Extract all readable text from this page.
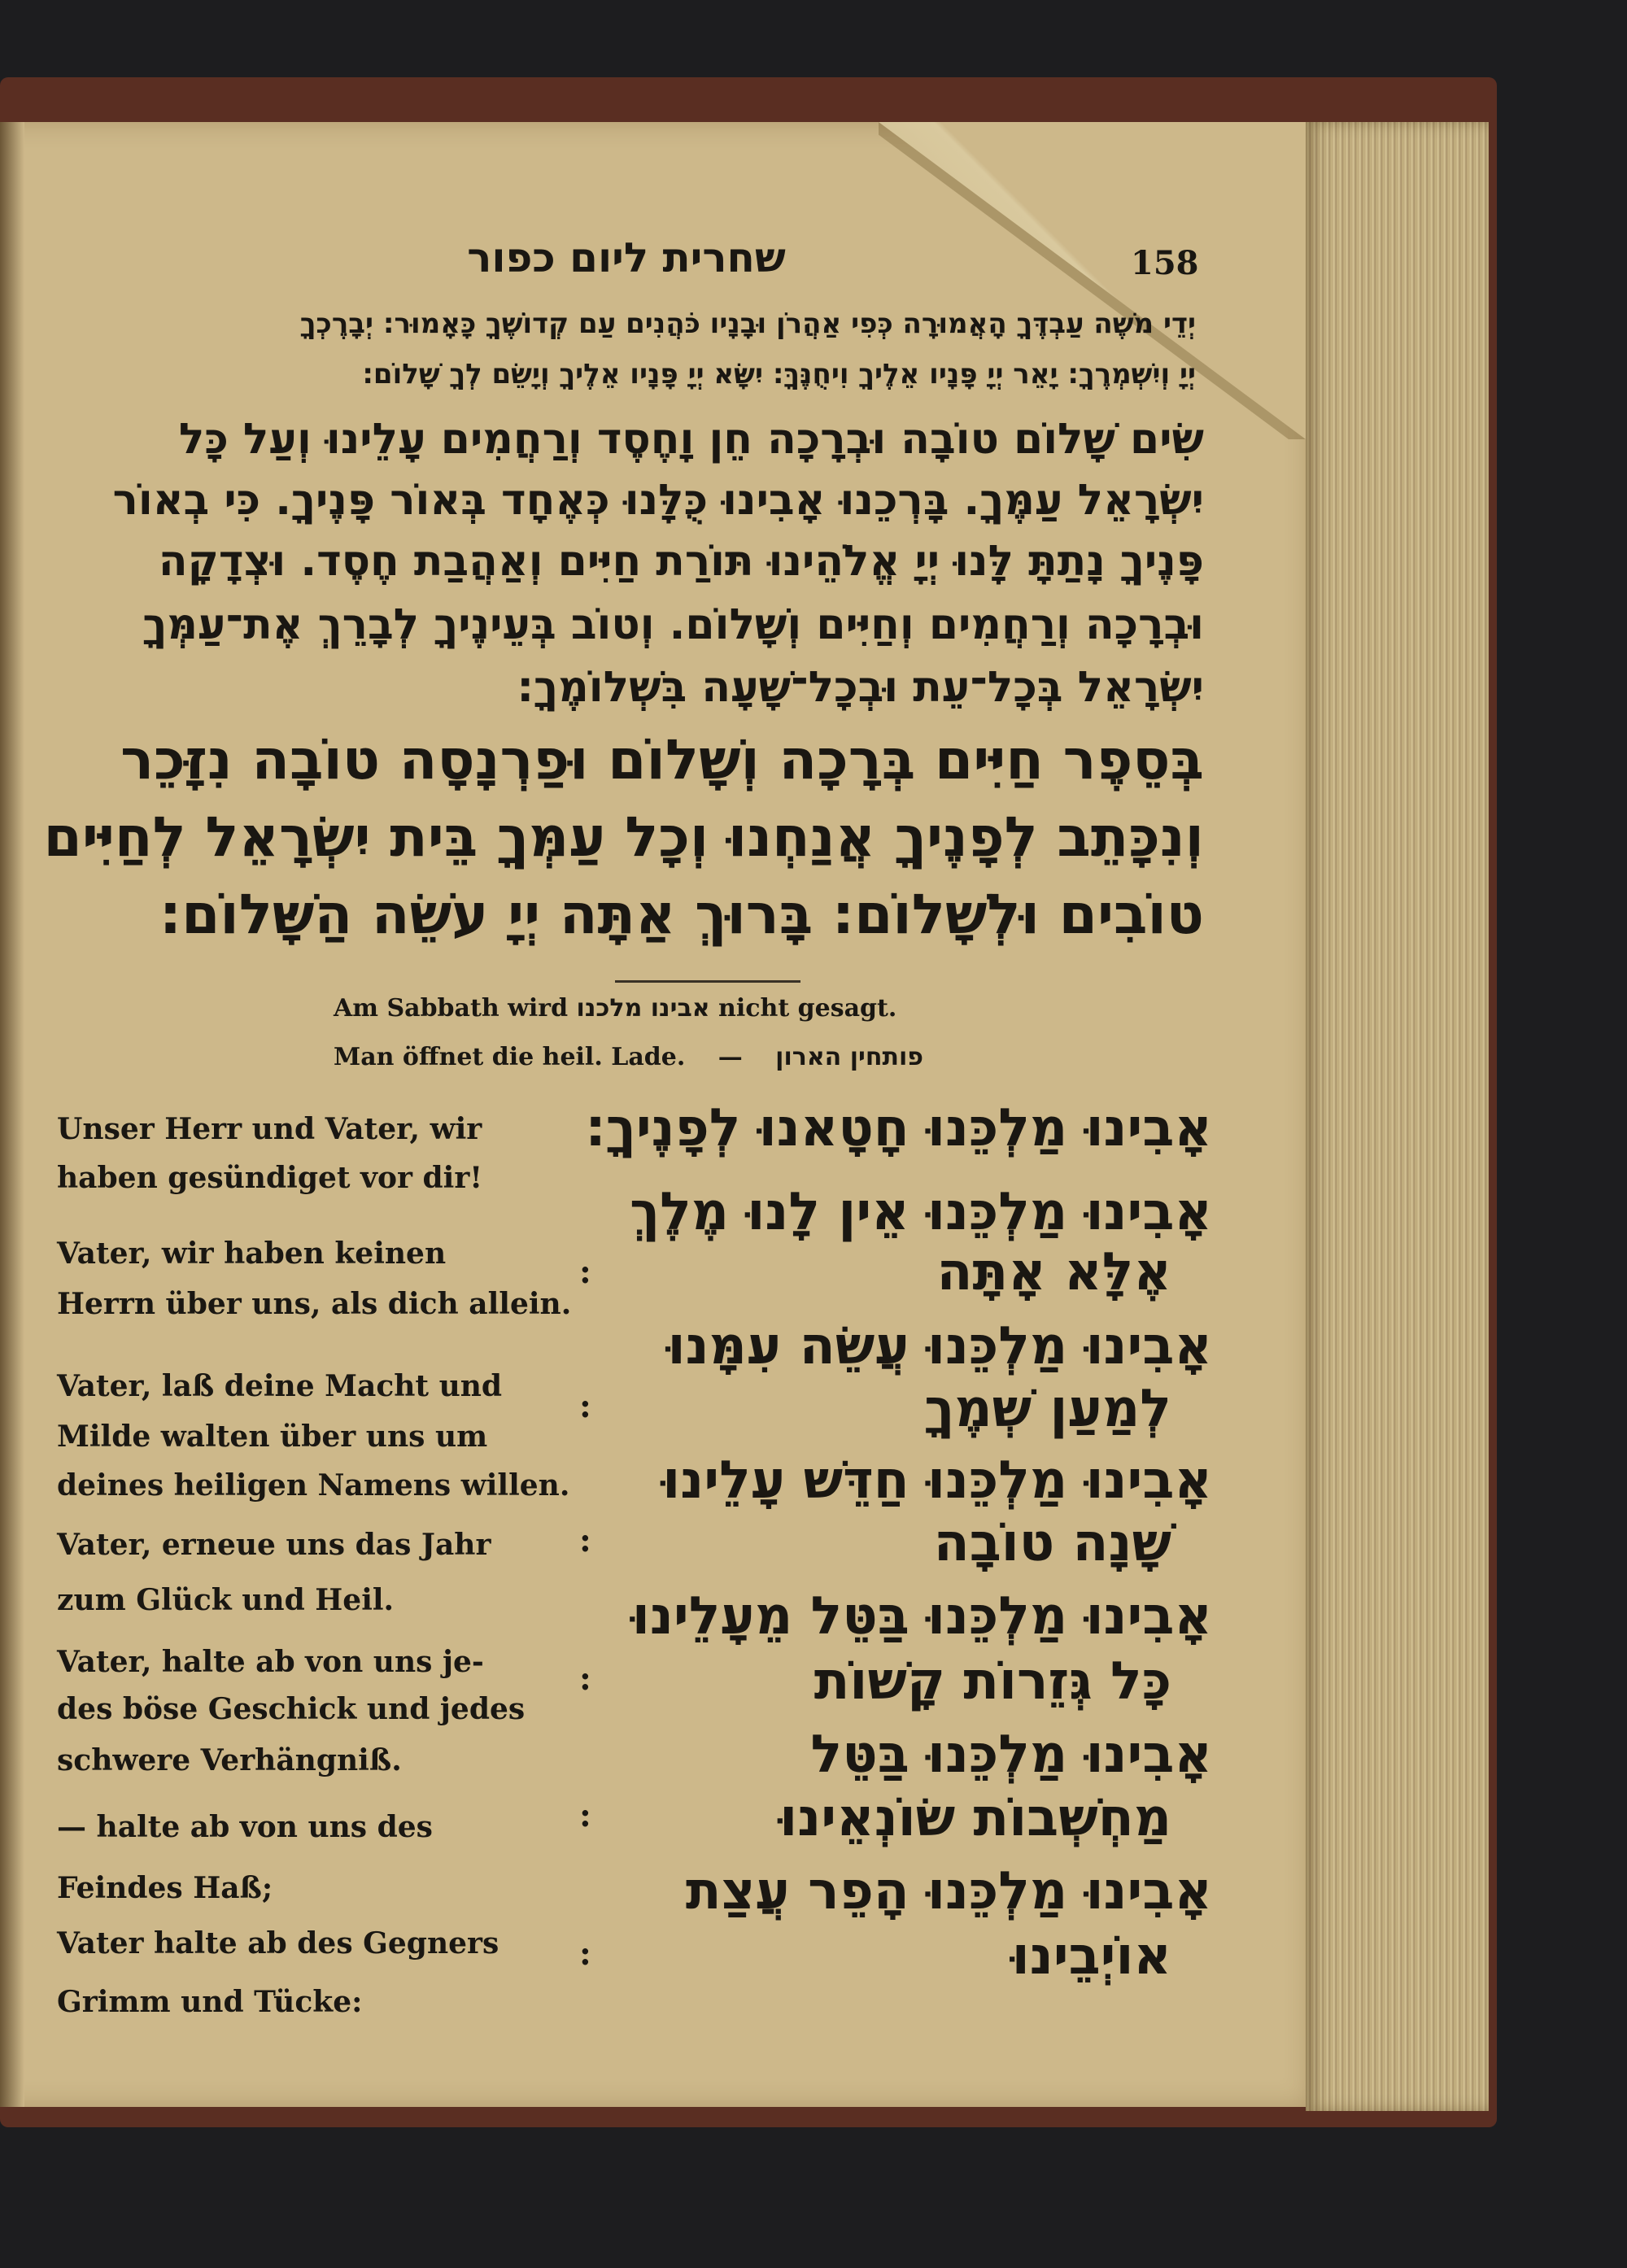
שחרית ליום כפור	158
יְדֵי משֶׁה עַבְדֶּךָ הָאֲמוּרָה כְּפִי אַהֲרֹן וּבָנָיו כֹּהֲנִים עַם קְדוֹשֶׁךָ כָּאָמוּר: יְבָרֶכְךָ
יְיָ וְיִשְׁמְרֶךָ: יָאֵר יְיָ פָּנָיו אֵלֶיךָ וִיחֻנֶּךָּ: יִשָּׂא יְיָ פָּנָיו אֵלֶיךָ וְיָשֵׂם לְךָ שָׁלוֹם:
שִׂים שָׁלוֹם טוֹבָה וּבְרָכָה חֵן וָחֶסֶד וְרַחֲמִים עָלֵינוּ וְעַל כָּל
יִשְׂרָאֵל עַמֶּךָ. בָּרְכֵנוּ אָבִינוּ כֻּלָּנוּ כְּאֶחָד בְּאוֹר פָּנֶיךָ. כִּי בְאוֹר
פָּנֶיךָ נָתַתָּ לָּנוּ יְיָ אֱלֹהֵינוּ תּוֹרַת חַיִּים וְאַהֲבַת חֶסֶד. וּצְדָקָה
וּבְרָכָה וְרַחֲמִים וְחַיִּים וְשָׁלוֹם. וְטוֹב בְּעֵינֶיךָ לְבָרֵךְ אֶת־עַמְּךָ
יִשְׂרָאֵל בְּכָל־עֵת וּבְכָל־שָׁעָה בִּשְׁלוֹמֶךָ:
בְּסֵפֶר חַיִּים בְּרָכָה וְשָׁלוֹם וּפַרְנָסָה טוֹבָה נִזָּכֵר
וְנִכָּתֵב לְפָנֶיךָ אֲנַחְנוּ וְכָל עַמְּךָ בֵּית יִשְׂרָאֵל לְחַיִּים
טוֹבִים וּלְשָׁלוֹם: בָּרוּךְ אַתָּה יְיָ עֹשֵׂה הַשָּׁלוֹם:
Am Sabbath wird אבינו מלכנו nicht gesagt.
Man öffnet die heil. Lade. — פותחין הארון
Unser Herr und Vater, wir
haben gesündiget vor dir!
Vater, wir haben keinen
Herrn über uns, als dich allein.
Vater, laß deine Macht und
Milde walten über uns um
deines heiligen Namens willen.
Vater, erneue uns das Jahr
zum Glück und Heil.
Vater, halte ab von uns je-
des böse Geschick und jedes
schwere Verhängniß.
— halte ab von uns des
Feindes Haß;
Vater halte ab des Gegners
Grimm und Tücke:
אָבִינוּ מַלְכֵּנוּ חָטָאנוּ לְפָנֶיךָ:
אָבִינוּ מַלְכֵּנוּ אֵין לָנוּ מֶלֶךְ
אֶלָּא אָתָּה
אָבִינוּ מַלְכֵּנוּ עֲשֵׂה עִמָּנוּ
לְמַעַן שְׁמֶךָ
אָבִינוּ מַלְכֵּנוּ חַדֵּשׁ עָלֵינוּ
שָׁנָה טוֹבָה
אָבִינוּ מַלְכֵּנוּ בַּטֵּל מֵעָלֵינוּ
כָּל גְּזֵרוֹת קָשׁוֹת
אָבִינוּ מַלְכֵּנוּ בַּטֵּל
מַחְשְׁבוֹת שׂוֹנְאֵינוּ
אָבִינוּ מַלְכֵּנוּ הָפֵר עֲצַת
אוֹיְבֵינוּ
:
:
:
:
:
:
